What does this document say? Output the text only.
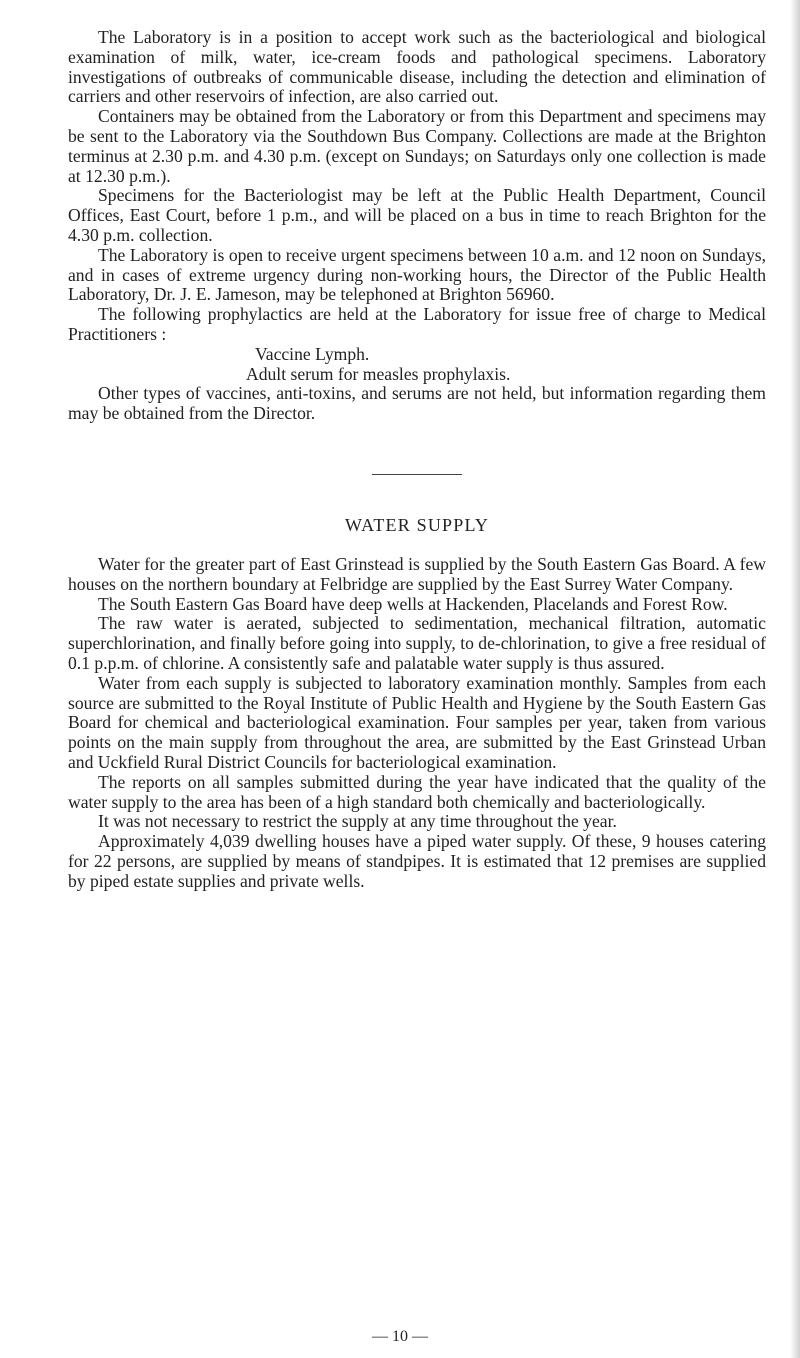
The Laboratory is in a position to accept work such as the bacteriological and biological examination of milk, water, ice-cream foods and pathological specimens. Laboratory investigations of outbreaks of communicable disease, including the detection and elimination of carriers and other reservoirs of infection, are also carried out.

Containers may be obtained from the Laboratory or from this Department and specimens may be sent to the Laboratory via the Southdown Bus Company. Collections are made at the Brighton terminus at 2.30 p.m. and 4.30 p.m. (except on Sundays; on Saturdays only one collection is made at 12.30 p.m.).

Specimens for the Bacteriologist may be left at the Public Health Department, Council Offices, East Court, before 1 p.m., and will be placed on a bus in time to reach Brighton for the 4.30 p.m. collection.

The Laboratory is open to receive urgent specimens between 10 a.m. and 12 noon on Sundays, and in cases of extreme urgency during non-working hours, the Director of the Public Health Laboratory, Dr. J. E. Jameson, may be telephoned at Brighton 56960.

The following prophylactics are held at the Laboratory for issue free of charge to Medical Practitioners :

Vaccine Lymph.

Adult serum for measles prophylaxis.

Other types of vaccines, anti-toxins, and serums are not held, but information regarding them may be obtained from the Director.

WATER SUPPLY

Water for the greater part of East Grinstead is supplied by the South Eastern Gas Board. A few houses on the northern boundary at Felbridge are supplied by the East Surrey Water Company.

The South Eastern Gas Board have deep wells at Hackenden, Placelands and Forest Row.

The raw water is aerated, subjected to sedimentation, mechanical filtration, automatic superchlorination, and finally before going into supply, to de-chlorination, to give a free residual of 0.1 p.p.m. of chlorine. A consistently safe and palatable water supply is thus assured.

Water from each supply is subjected to laboratory examination monthly. Samples from each source are submitted to the Royal Institute of Public Health and Hygiene by the South Eastern Gas Board for chemical and bacteriological examination. Four samples per year, taken from various points on the main supply from throughout the area, are submitted by the East Grinstead Urban and Uckfield Rural District Councils for bacteriological examination.

The reports on all samples submitted during the year have indicated that the quality of the water supply to the area has been of a high standard both chemically and bacteriologically.

It was not necessary to restrict the supply at any time throughout the year.

Approximately 4,039 dwelling houses have a piped water supply. Of these, 9 houses catering for 22 persons, are supplied by means of standpipes. It is estimated that 12 premises are supplied by piped estate supplies and private wells.

— 10 —
